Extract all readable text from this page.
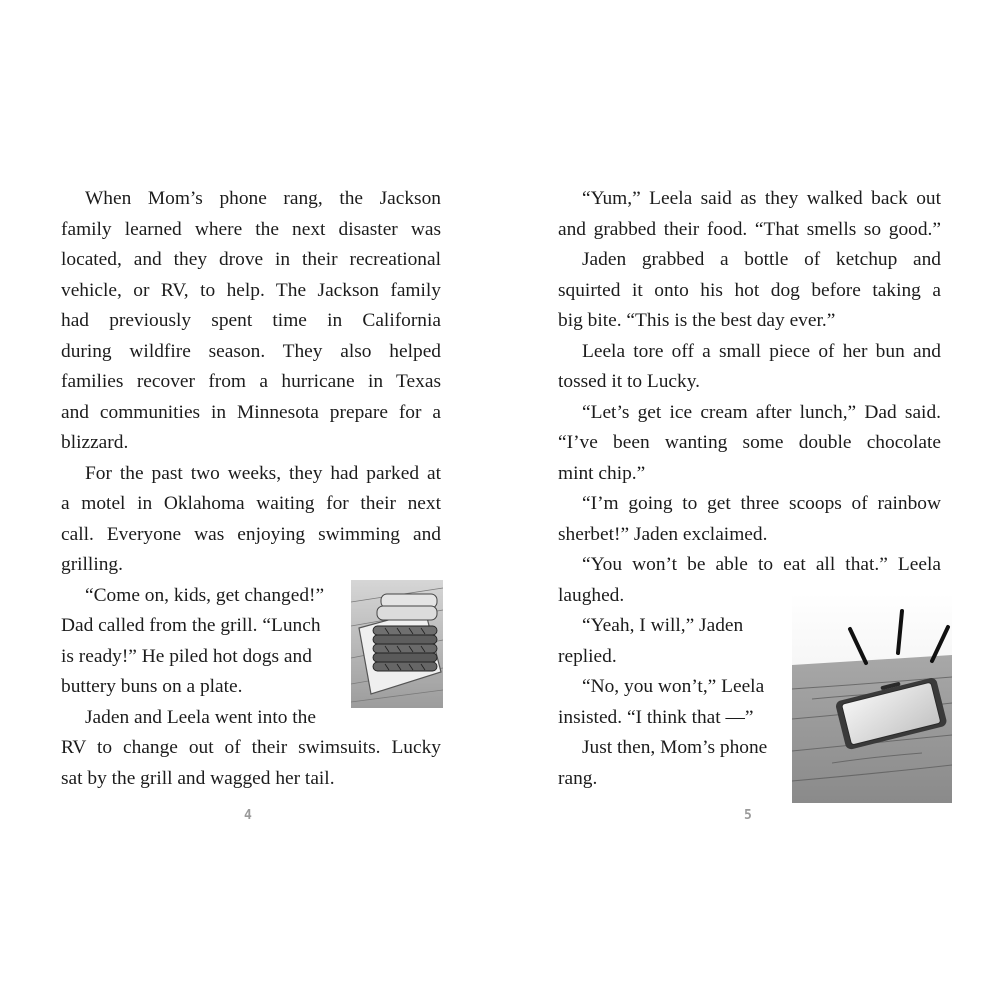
When Mom’s phone rang, the Jackson
family learned where the next disaster was
located, and they drove in their recreational
vehicle, or RV, to help. The Jackson family
had previously spent time in California
during wildfire season. They also helped
families recover from a hurricane in Texas
and communities in Minnesota prepare for a
blizzard.
For the past two weeks, they had parked at
a motel in Oklahoma waiting for their next
call. Everyone was enjoying swimming and
grilling.
“Come on, kids, get changed!”
Dad called from the grill. “Lunch
is ready!” He piled hot dogs and
buttery buns on a plate.
Jaden and Leela went into the
RV to change out of their swimsuits. Lucky
sat by the grill and wagged her tail.
4
“Yum,” Leela said as they walked back out
and grabbed their food. “That smells so good.”
Jaden grabbed a bottle of ketchup and
squirted it onto his hot dog before taking a
big bite. “This is the best day ever.”
Leela tore off a small piece of her bun and
tossed it to Lucky.
“Let’s get ice cream after lunch,” Dad said.
“I’ve been wanting some double chocolate
mint chip.”
“I’m going to get three scoops of rainbow
sherbet!” Jaden exclaimed.
“You won’t be able to eat all that.” Leela
laughed.
“Yeah, I will,” Jaden
replied.
“No, you won’t,” Leela
insisted. “I think that —”
Just then, Mom’s phone
rang.
5
